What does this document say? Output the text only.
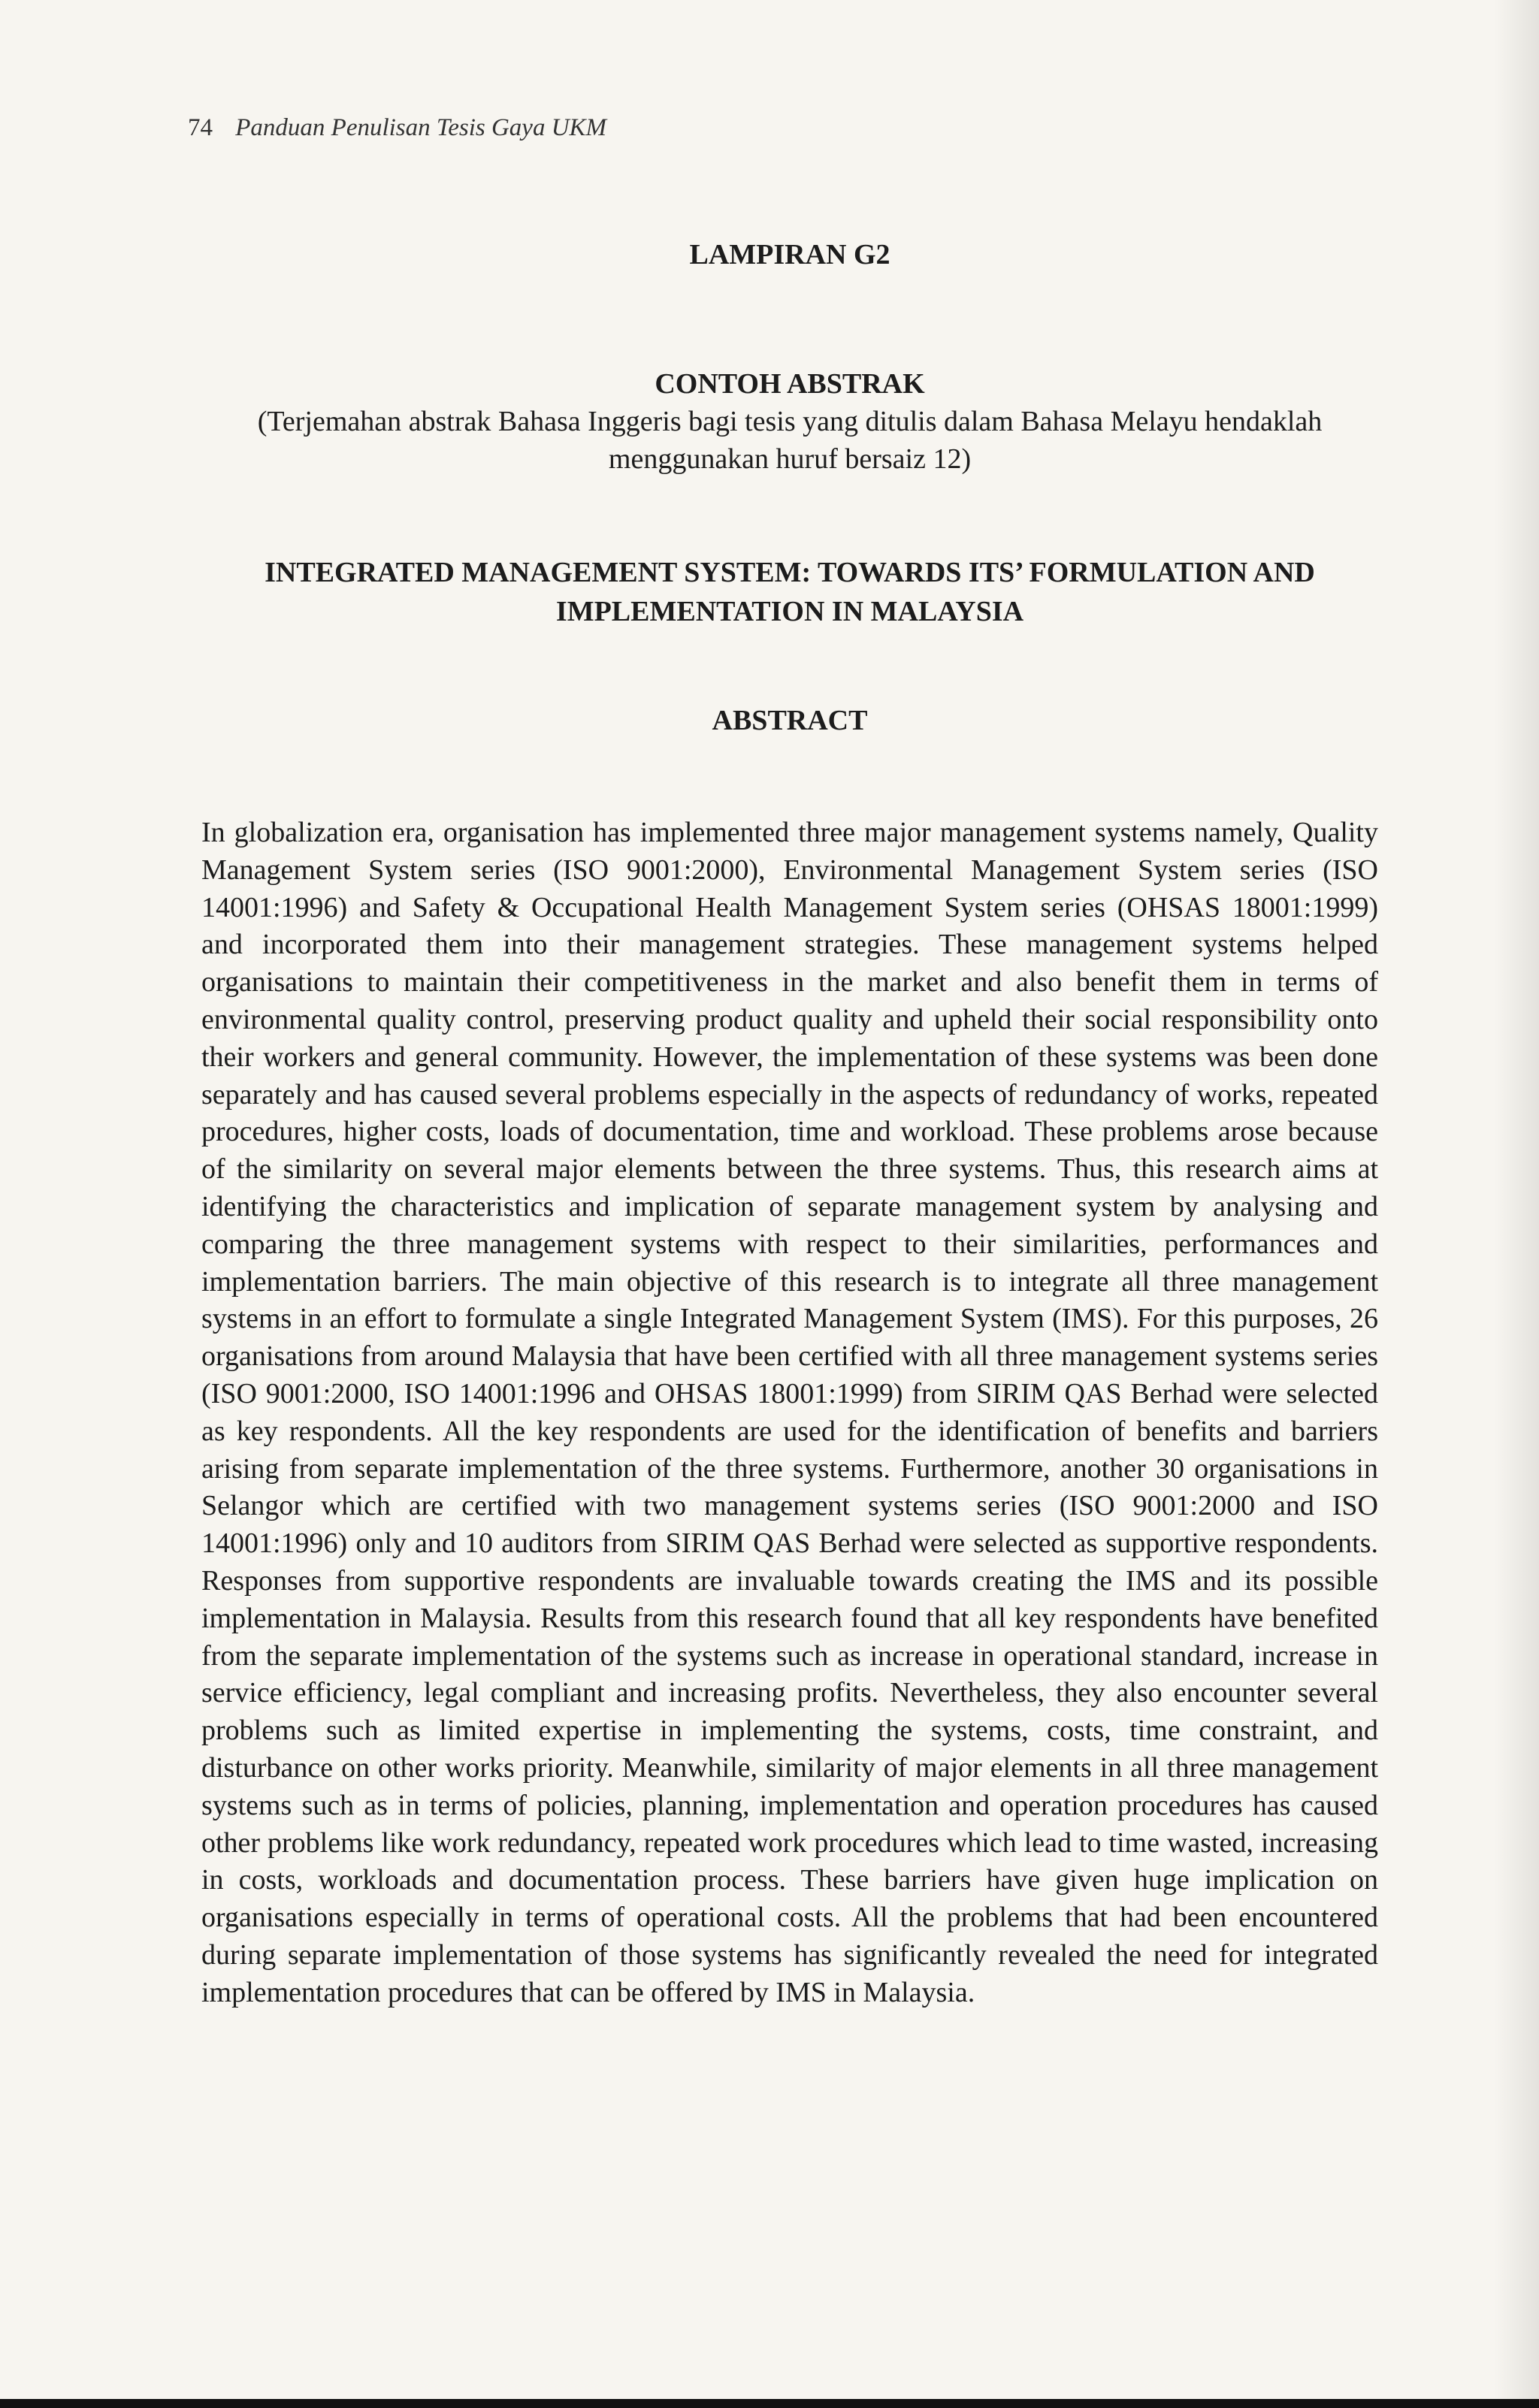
74 Panduan Penulisan Tesis Gaya UKM
LAMPIRAN G2
CONTOH ABSTRAK
(Terjemahan abstrak Bahasa Inggeris bagi tesis yang ditulis dalam Bahasa Melayu hendaklah menggunakan huruf bersaiz 12)
INTEGRATED MANAGEMENT SYSTEM: TOWARDS ITS’ FORMULATION AND IMPLEMENTATION IN MALAYSIA
ABSTRACT

In globalization era, organisation has implemented three major management systems namely, Quality Management System series (ISO 9001:2000), Environmental Management System series (ISO 14001:1996) and Safety & Occupational Health Management System series (OHSAS 18001:1999) and incorporated them into their management strategies. These management systems helped organisations to maintain their competitiveness in the market and also benefit them in terms of environmental quality control, preserving product quality and upheld their social responsibility onto their workers and general community. However, the implementation of these systems was been done separately and has caused several problems especially in the aspects of redundancy of works, repeated procedures, higher costs, loads of documentation, time and workload. These problems arose because of the similarity on several major elements between the three systems. Thus, this research aims at identifying the characteristics and implication of separate management system by analysing and comparing the three management systems with respect to their similarities, performances and implementation barriers. The main objective of this research is to integrate all three management systems in an effort to formulate a single Integrated Management System (IMS). For this purposes, 26 organisations from around Malaysia that have been certified with all three management systems series (ISO 9001:2000, ISO 14001:1996 and OHSAS 18001:1999) from SIRIM QAS Berhad were selected as key respondents. All the key respondents are used for the identification of benefits and barriers arising from separate implementation of the three systems. Furthermore, another 30 organisations in Selangor which are certified with two management systems series (ISO 9001:2000 and ISO 14001:1996) only and 10 auditors from SIRIM QAS Berhad were selected as supportive respondents. Responses from supportive respondents are invaluable towards creating the IMS and its possible implementation in Malaysia. Results from this research found that all key respondents have benefited from the separate implementation of the systems such as increase in operational standard, increase in service efficiency, legal compliant and increasing profits. Nevertheless, they also encounter several problems such as limited expertise in implementing the systems, costs, time constraint, and disturbance on other works priority. Meanwhile, similarity of major elements in all three management systems such as in terms of policies, planning, implementation and operation procedures has caused other problems like work redundancy, repeated work procedures which lead to time wasted, increasing in costs, workloads and documentation process. These barriers have given huge implication on organisations especially in terms of operational costs. All the problems that had been encountered during separate implementation of those systems has significantly revealed the need for integrated implementation procedures that can be offered by IMS in Malaysia.
